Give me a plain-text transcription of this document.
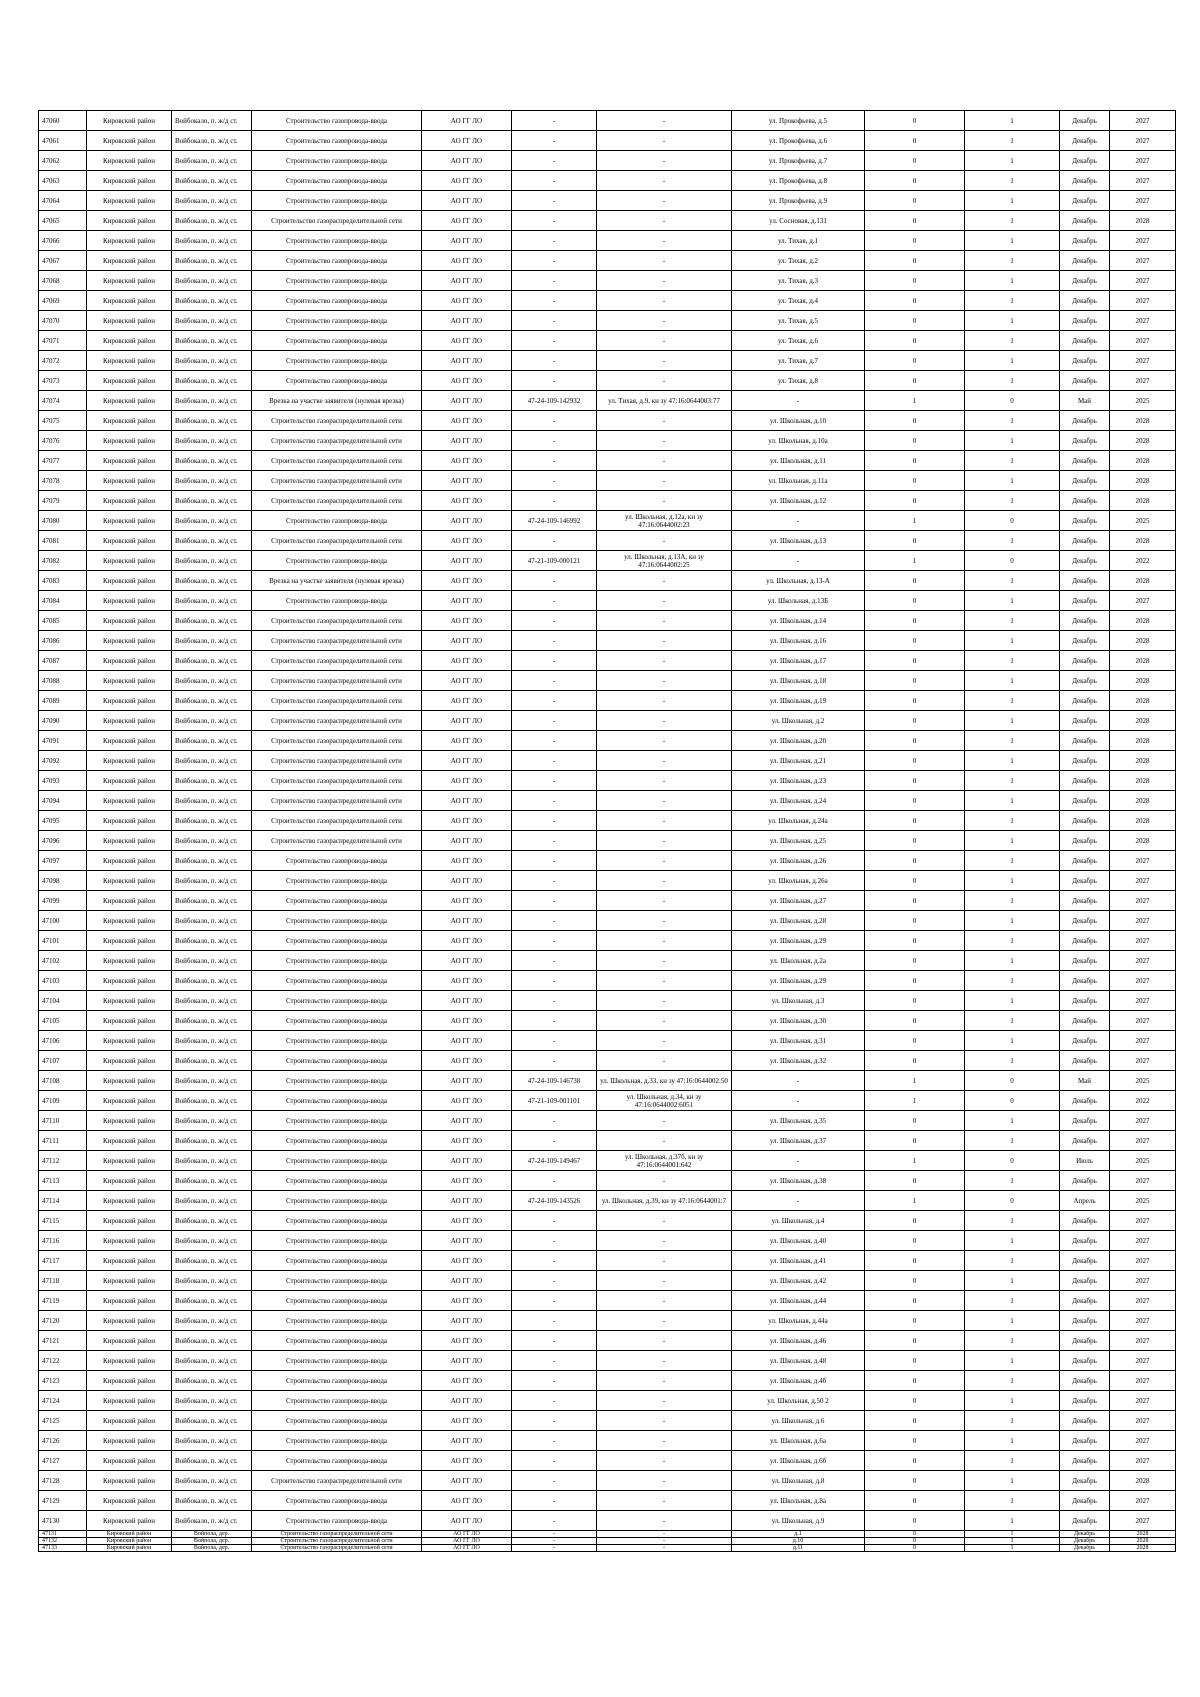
47060	Кировский район	Войбокало, п. ж/д ст.	Строительство газопровода-ввода	АО ГГ ЛО	-	-	ул. Прокофьева, д.5	0	1	Декабрь	2027
47061	Кировский район	Войбокало, п. ж/д ст.	Строительство газопровода-ввода	АО ГГ ЛО	-	-	ул. Прокофьева, д.6	0	1	Декабрь	2027
47062	Кировский район	Войбокало, п. ж/д ст.	Строительство газопровода-ввода	АО ГГ ЛО	-	-	ул. Прокофьева, д.7	0	1	Декабрь	2027
47063	Кировский район	Войбокало, п. ж/д ст.	Строительство газопровода-ввода	АО ГГ ЛО	-	-	ул. Прокофьева, д.8	0	1	Декабрь	2027
47064	Кировский район	Войбокало, п. ж/д ст.	Строительство газопровода-ввода	АО ГГ ЛО	-	-	ул. Прокофьева, д.9	0	1	Декабрь	2027
47065	Кировский район	Войбокало, п. ж/д ст.	Строительство газораспределительной сети	АО ГГ ЛО	-	-	ул. Сосновая, д.131	0	1	Декабрь	2028
47066	Кировский район	Войбокало, п. ж/д ст.	Строительство газопровода-ввода	АО ГГ ЛО	-	-	ул. Тихая, д.1	0	1	Декабрь	2027
47067	Кировский район	Войбокало, п. ж/д ст.	Строительство газопровода-ввода	АО ГГ ЛО	-	-	ул. Тихая, д.2	0	1	Декабрь	2027
47068	Кировский район	Войбокало, п. ж/д ст.	Строительство газопровода-ввода	АО ГГ ЛО	-	-	ул. Тихая, д.3	0	1	Декабрь	2027
47069	Кировский район	Войбокало, п. ж/д ст.	Строительство газопровода-ввода	АО ГГ ЛО	-	-	ул. Тихая, д.4	0	1	Декабрь	2027
47070	Кировский район	Войбокало, п. ж/д ст.	Строительство газопровода-ввода	АО ГГ ЛО	-	-	ул. Тихая, д.5	0	1	Декабрь	2027
47071	Кировский район	Войбокало, п. ж/д ст.	Строительство газопровода-ввода	АО ГГ ЛО	-	-	ул. Тихая, д.6	0	1	Декабрь	2027
47072	Кировский район	Войбокало, п. ж/д ст.	Строительство газопровода-ввода	АО ГГ ЛО	-	-	ул. Тихая, д.7	0	1	Декабрь	2027
47073	Кировский район	Войбокало, п. ж/д ст.	Строительство газопровода-ввода	АО ГГ ЛО	-	-	ул. Тихая, д.8	0	1	Декабрь	2027
47074	Кировский район	Войбокало, п. ж/д ст.	Врезка на участке заявителя (нулевая врезка)	АО ГГ ЛО	47-24-109-142932	ул. Тихая, д.9, кн зу 47:16:0644003:77	-	1	0	Май	2025
47075	Кировский район	Войбокало, п. ж/д ст.	Строительство газораспределительной сети	АО ГГ ЛО	-	-	ул. Школьная, д.10	0	1	Декабрь	2028
47076	Кировский район	Войбокало, п. ж/д ст.	Строительство газораспределительной сети	АО ГГ ЛО	-	-	ул. Школьная, д.10а	0	1	Декабрь	2028
47077	Кировский район	Войбокало, п. ж/д ст.	Строительство газораспределительной сети	АО ГГ ЛО	-	-	ул. Школьная, д.11	0	1	Декабрь	2028
47078	Кировский район	Войбокало, п. ж/д ст.	Строительство газораспределительной сети	АО ГГ ЛО	-	-	ул. Школьная, д.11а	0	1	Декабрь	2028
47079	Кировский район	Войбокало, п. ж/д ст.	Строительство газораспределительной сети	АО ГГ ЛО	-	-	ул. Школьная, д.12	0	1	Декабрь	2028
47080	Кировский район	Войбокало, п. ж/д ст.	Строительство газопровода-ввода	АО ГГ ЛО	47-24-109-146992	ул. Школьная, д.12а, кн зу 47:16:0644002:23	-	1	0	Декабрь	2025
47081	Кировский район	Войбокало, п. ж/д ст.	Строительство газораспределительной сети	АО ГГ ЛО	-	-	ул. Школьная, д.13	0	1	Декабрь	2028
47082	Кировский район	Войбокало, п. ж/д ст.	Строительство газопровода-ввода	АО ГГ ЛО	47-21-109-000121	ул. Школьная, д.13А, кн зу 47:16:0644002:25	-	1	0	Декабрь	2022
47083	Кировский район	Войбокало, п. ж/д ст.	Врезка на участке заявителя (нулевая врезка)	АО ГГ ЛО	-	-	ул. Школьная, д.13-А	0	1	Декабрь	2028
47084	Кировский район	Войбокало, п. ж/д ст.	Строительство газопровода-ввода	АО ГГ ЛО	-	-	ул. Школьная, д.13Б	0	1	Декабрь	2027
47085	Кировский район	Войбокало, п. ж/д ст.	Строительство газораспределительной сети	АО ГГ ЛО	-	-	ул. Школьная, д.14	0	1	Декабрь	2028
47086	Кировский район	Войбокало, п. ж/д ст.	Строительство газораспределительной сети	АО ГГ ЛО	-	-	ул. Школьная, д.16	0	1	Декабрь	2028
47087	Кировский район	Войбокало, п. ж/д ст.	Строительство газораспределительной сети	АО ГГ ЛО	-	-	ул. Школьная, д.17	0	1	Декабрь	2028
47088	Кировский район	Войбокало, п. ж/д ст.	Строительство газораспределительной сети	АО ГГ ЛО	-	-	ул. Школьная, д.18	0	1	Декабрь	2028
47089	Кировский район	Войбокало, п. ж/д ст.	Строительство газораспределительной сети	АО ГГ ЛО	-	-	ул. Школьная, д.19	0	1	Декабрь	2028
47090	Кировский район	Войбокало, п. ж/д ст.	Строительство газораспределительной сети	АО ГГ ЛО	-	-	ул. Школьная, д.2	0	1	Декабрь	2028
47091	Кировский район	Войбокало, п. ж/д ст.	Строительство газораспределительной сети	АО ГГ ЛО	-	-	ул. Школьная, д.20	0	1	Декабрь	2028
47092	Кировский район	Войбокало, п. ж/д ст.	Строительство газораспределительной сети	АО ГГ ЛО	-	-	ул. Школьная, д.21	0	1	Декабрь	2028
47093	Кировский район	Войбокало, п. ж/д ст.	Строительство газораспределительной сети	АО ГГ ЛО	-	-	ул. Школьная, д.23	0	1	Декабрь	2028
47094	Кировский район	Войбокало, п. ж/д ст.	Строительство газораспределительной сети	АО ГГ ЛО	-	-	ул. Школьная, д.24	0	1	Декабрь	2028
47095	Кировский район	Войбокало, п. ж/д ст.	Строительство газораспределительной сети	АО ГГ ЛО	-	-	ул. Школьная, д.24а	0	1	Декабрь	2028
47096	Кировский район	Войбокало, п. ж/д ст.	Строительство газораспределительной сети	АО ГГ ЛО	-	-	ул. Школьная, д.25	0	1	Декабрь	2028
47097	Кировский район	Войбокало, п. ж/д ст.	Строительство газопровода-ввода	АО ГГ ЛО	-	-	ул. Школьная, д.26	0	1	Декабрь	2027
47098	Кировский район	Войбокало, п. ж/д ст.	Строительство газопровода-ввода	АО ГГ ЛО	-	-	ул. Школьная, д.26а	0	1	Декабрь	2027
47099	Кировский район	Войбокало, п. ж/д ст.	Строительство газопровода-ввода	АО ГГ ЛО	-	-	ул. Школьная, д.27	0	1	Декабрь	2027
47100	Кировский район	Войбокало, п. ж/д ст.	Строительство газопровода-ввода	АО ГГ ЛО	-	-	ул. Школьная, д.28	0	1	Декабрь	2027
47101	Кировский район	Войбокало, п. ж/д ст.	Строительство газопровода-ввода	АО ГГ ЛО	-	-	ул. Школьная, д.29	0	1	Декабрь	2027
47102	Кировский район	Войбокало, п. ж/д ст.	Строительство газопровода-ввода	АО ГГ ЛО	-	-	ул. Школьная, д.2а	0	1	Декабрь	2027
47103	Кировский район	Войбокало, п. ж/д ст.	Строительство газопровода-ввода	АО ГГ ЛО	-	-	ул. Школьная, д.29	0	1	Декабрь	2027
47104	Кировский район	Войбокало, п. ж/д ст.	Строительство газопровода-ввода	АО ГГ ЛО	-	-	ул. Школьная, д.3	0	1	Декабрь	2027
47105	Кировский район	Войбокало, п. ж/д ст.	Строительство газопровода-ввода	АО ГГ ЛО	-	-	ул. Школьная, д.30	0	1	Декабрь	2027
47106	Кировский район	Войбокало, п. ж/д ст.	Строительство газопровода-ввода	АО ГГ ЛО	-	-	ул. Школьная, д.31	0	1	Декабрь	2027
47107	Кировский район	Войбокало, п. ж/д ст.	Строительство газопровода-ввода	АО ГГ ЛО	-	-	ул. Школьная, д.32	0	1	Декабрь	2027
47108	Кировский район	Войбокало, п. ж/д ст.	Строительство газопровода-ввода	АО ГГ ЛО	47-24-109-146738	ул. Школьная, д.33, кн зу 47:16:0644002:50	-	1	0	Май	2025
47109	Кировский район	Войбокало, п. ж/д ст.	Строительство газопровода-ввода	АО ГГ ЛО	47-21-109-001101	ул. Школьная, д.34, кн зу 47:16:0644002:6051	-	1	0	Декабрь	2022
47110	Кировский район	Войбокало, п. ж/д ст.	Строительство газопровода-ввода	АО ГГ ЛО	-	-	ул. Школьная, д.35	0	1	Декабрь	2027
47111	Кировский район	Войбокало, п. ж/д ст.	Строительство газопровода-ввода	АО ГГ ЛО	-	-	ул. Школьная, д.37	0	1	Декабрь	2027
47112	Кировский район	Войбокало, п. ж/д ст.	Строительство газопровода-ввода	АО ГГ ЛО	47-24-109-149467	ул. Школьная, д.37б, кн зу 47:16:0644001:642	-	1	0	Июль	2025
47113	Кировский район	Войбокало, п. ж/д ст.	Строительство газопровода-ввода	АО ГГ ЛО	-	-	ул. Школьная, д.38	0	1	Декабрь	2027
47114	Кировский район	Войбокало, п. ж/д ст.	Строительство газопровода-ввода	АО ГГ ЛО	47-24-109-143526	ул. Школьная, д.39, кн зу 47:16:0644001:7	-	1	0	Апрель	2025
47115	Кировский район	Войбокало, п. ж/д ст.	Строительство газопровода-ввода	АО ГГ ЛО	-	-	ул. Школьная, д.4	0	1	Декабрь	2027
47116	Кировский район	Войбокало, п. ж/д ст.	Строительство газопровода-ввода	АО ГГ ЛО	-	-	ул. Школьная, д.40	0	1	Декабрь	2027
47117	Кировский район	Войбокало, п. ж/д ст.	Строительство газопровода-ввода	АО ГГ ЛО	-	-	ул. Школьная, д.41	0	1	Декабрь	2027
47118	Кировский район	Войбокало, п. ж/д ст.	Строительство газопровода-ввода	АО ГГ ЛО	-	-	ул. Школьная, д.42	0	1	Декабрь	2027
47119	Кировский район	Войбокало, п. ж/д ст.	Строительство газопровода-ввода	АО ГГ ЛО	-	-	ул. Школьная, д.44	0	1	Декабрь	2027
47120	Кировский район	Войбокало, п. ж/д ст.	Строительство газопровода-ввода	АО ГГ ЛО	-	-	ул. Школьная, д.44а	0	1	Декабрь	2027
47121	Кировский район	Войбокало, п. ж/д ст.	Строительство газопровода-ввода	АО ГГ ЛО	-	-	ул. Школьная, д.46	0	1	Декабрь	2027
47122	Кировский район	Войбокало, п. ж/д ст.	Строительство газопровода-ввода	АО ГГ ЛО	-	-	ул. Школьная, д.48	0	1	Декабрь	2027
47123	Кировский район	Войбокало, п. ж/д ст.	Строительство газопровода-ввода	АО ГГ ЛО	-	-	ул. Школьная, д.4б	0	1	Декабрь	2027
47124	Кировский район	Войбокало, п. ж/д ст.	Строительство газопровода-ввода	АО ГГ ЛО	-	-	ул. Школьная, д.50 2	0	1	Декабрь	2027
47125	Кировский район	Войбокало, п. ж/д ст.	Строительство газопровода-ввода	АО ГГ ЛО	-	-	ул. Школьная, д.6	0	1	Декабрь	2027
47126	Кировский район	Войбокало, п. ж/д ст.	Строительство газопровода-ввода	АО ГГ ЛО	-	-	ул. Школьная, д.6а	0	1	Декабрь	2027
47127	Кировский район	Войбокало, п. ж/д ст.	Строительство газопровода-ввода	АО ГГ ЛО	-	-	ул. Школьная, д.6б	0	1	Декабрь	2027
47128	Кировский район	Войбокало, п. ж/д ст.	Строительство газораспределительной сети	АО ГГ ЛО	-	-	ул. Школьная, д.8	0	1	Декабрь	2028
47129	Кировский район	Войбокало, п. ж/д ст.	Строительство газопровода-ввода	АО ГГ ЛО	-	-	ул. Школьная, д.8а	0	1	Декабрь	2027
47130	Кировский район	Войбокало, п. ж/д ст.	Строительство газопровода-ввода	АО ГГ ЛО	-	-	ул. Школьная, д.9	0	1	Декабрь	2027
47131	Кировский район	Войпола, дер.	Строительство газораспределительной сети	АО ГГ ЛО	-	-	д.1	0	1	Декабрь	2028
47132	Кировский район	Войпола, дер.	Строительство газораспределительной сети	АО ГГ ЛО	-	-	д.10	0	1	Декабрь	2028
47133	Кировский район	Войпола, дер.	Строительство газораспределительной сети	АО ГГ ЛО	-	-	д.11	0	1	Декабрь	2028
